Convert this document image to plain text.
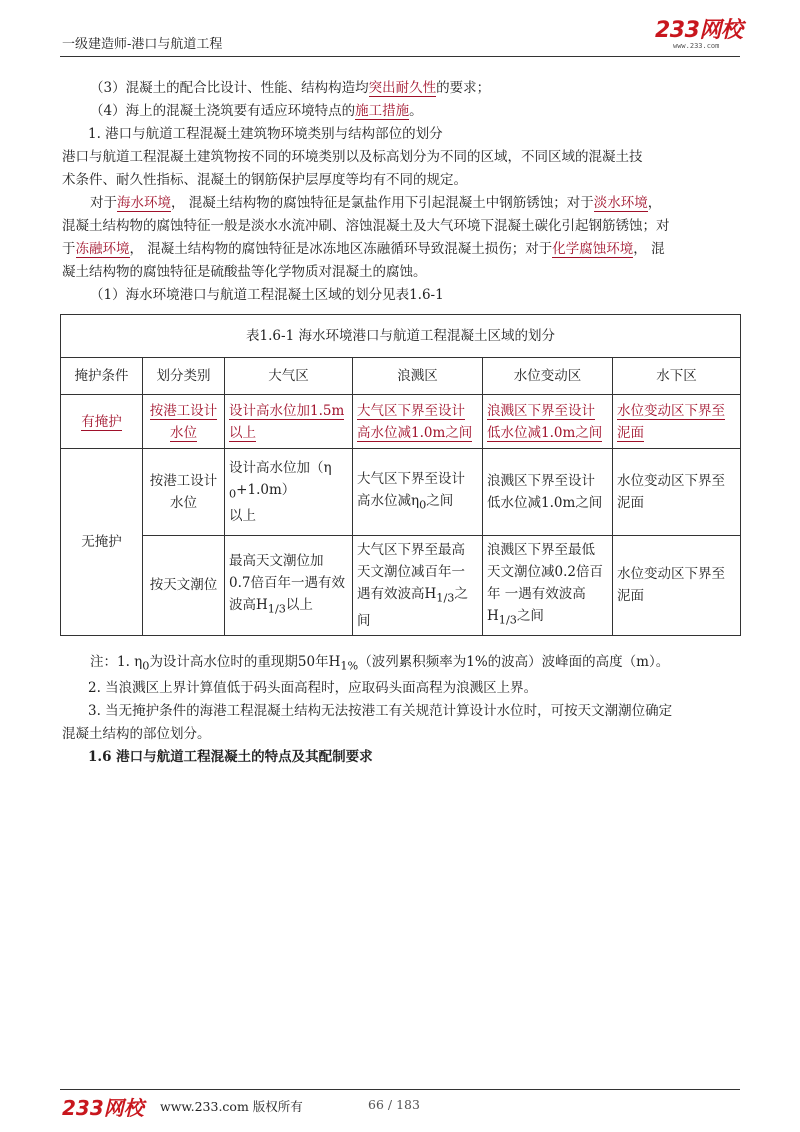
一级建造师-港口与航道工程
233网校
www.233.com
（3）混凝土的配合比设计、性能、结构构造均突出耐久性的要求；
（4）海上的混凝土浇筑要有适应环境特点的施工措施。
1. 港口与航道工程混凝土建筑物环境类别与结构部位的划分
港口与航道工程混凝土建筑物按不同的环境类别以及标高划分为不同的区域，不同区域的混凝土技
术条件、耐久性指标、混凝土的钢筋保护层厚度等均有不同的规定。
对于海水环境， 混凝土结构物的腐蚀特征是氯盐作用下引起混凝土中钢筋锈蚀；对于淡水环境，
混凝土结构物的腐蚀特征一般是淡水水流冲刷、溶蚀混凝土及大气环境下混凝土碳化引起钢筋锈蚀；对
于冻融环境， 混凝土结构物的腐蚀特征是冰冻地区冻融循环导致混凝土损伤；对于化学腐蚀环境， 混
凝土结构物的腐蚀特征是硫酸盐等化学物质对混凝土的腐蚀。
（1）海水环境港口与航道工程混凝土区域的划分见表1.6-1
表1.6-1 海水环境港口与航道工程混凝土区域的划分					
掩护条件	划分类别	大气区	浪溅区	水位变动区	水下区
有掩护	按港工设计水位	设计高水位加1.5m以上	大气区下界至设计高水位减1.0m之间	浪溅区下界至设计低水位减1.0m之间	水位变动区下界至泥面
无掩护	按港工设计水位	设计高水位加（η
$_0$+1.0m）
以上	大气区下界至设计高水位减$\eta_0$之间	浪溅区下界至设计低水位减1.0m之间	水位变动区下界至泥面
	按天文潮位	最高天文潮位加 0.7倍百年一遇有效波高$H_{1/3}$以上	大气区下界至最高天文潮位减百年一遇有效波高$H_{1/3}$之间	浪溅区下界至最低天文潮位减0.2倍百年 一遇有效波高$H_{1/3}$之间	水位变动区下界至泥面
注：1. $\eta_0$为设计高水位时的重现期50年$H_{1\%}$（波列累积频率为1%的波高）波峰面的高度（m）。
2. 当浪溅区上界计算值低于码头面高程时，应取码头面高程为浪溅区上界。
3. 当无掩护条件的海港工程混凝土结构无法按港工有关规范计算设计水位时，可按天文潮潮位确定
混凝土结构的部位划分。
1.6 港口与航道工程混凝土的特点及其配制要求
233网校 www.233.com 版权所有	66 / 183
